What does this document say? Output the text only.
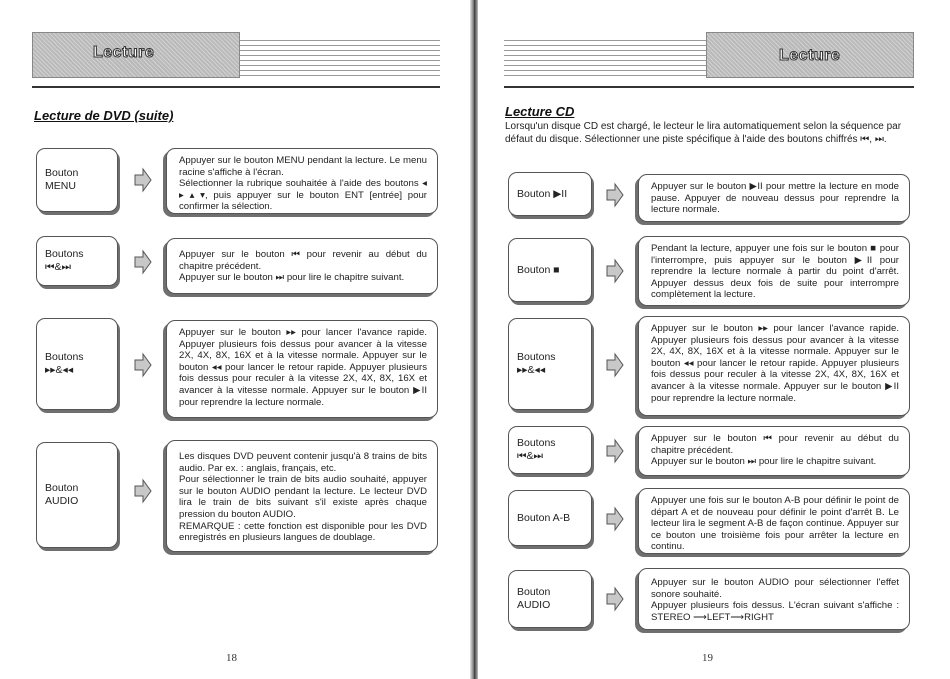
Lecture
Lecture de DVD (suite)
Bouton MENU

Appuyer sur le bouton MENU pendant la lecture. Le menu racine s'affiche à l'écran.

Sélectionner la rubrique souhaitée à l'aide des boutons ◂ ▸ ▴ ▾, puis appuyer sur le bouton ENT [entrée] pour confirmer la sélection.

Boutons ⏮&⏭

Appuyer sur le bouton ⏮ pour revenir au début du chapitre précédent.

Appuyer sur le bouton ⏭ pour lire le chapitre suivant.

Boutons ▸▸&◂◂

Appuyer sur le bouton ▸▸ pour lancer l'avance rapide. Appuyer plusieurs fois dessus pour avancer à la vitesse 2X, 4X, 8X, 16X et à la vitesse normale. Appuyer sur le bouton ◂◂ pour lancer le retour rapide. Appuyer plusieurs fois dessus pour reculer à la vitesse 2X, 4X, 8X, 16X et avancer à la vitesse normale. Appuyer sur le bouton ▶II pour reprendre la lecture normale.

Bouton AUDIO

Les disques DVD peuvent contenir jusqu'à 8 trains de bits audio. Par ex. : anglais, français, etc.

Pour sélectionner le train de bits audio souhaité, appuyer sur le bouton AUDIO pendant la lecture. Le lecteur DVD lira le train de bits suivant s'il existe après chaque pression du bouton AUDIO.

REMARQUE : cette fonction est disponible pour les DVD enregistrés en plusieurs langues de doublage.

18
Lecture
Lecture CD
Lorsqu'un disque CD est chargé, le lecteur le lira automatiquement selon la séquence par défaut du disque. Sélectionner une piste spécifique à l'aide des boutons chiffrés ⏮, ⏭.
Bouton ▶II

Appuyer sur le bouton ▶II pour mettre la lecture en mode pause. Appuyer de nouveau dessus pour reprendre la lecture normale.

Bouton ■

Pendant la lecture, appuyer une fois sur le bouton ■ pour l'interrompre, puis appuyer sur le bouton ▶II pour reprendre la lecture normale à partir du point d'arrêt. Appuyer dessus deux fois de suite pour interrompre complètement la lecture.

Boutons ▸▸&◂◂

Appuyer sur le bouton ▸▸ pour lancer l'avance rapide. Appuyer plusieurs fois dessus pour avancer à la vitesse 2X, 4X, 8X, 16X et à la vitesse normale. Appuyer sur le bouton ◂◂ pour lancer le retour rapide. Appuyer plusieurs fois dessus pour reculer à la vitesse 2X, 4X, 8X, 16X et avancer à la vitesse normale. Appuyer sur le bouton ▶II pour reprendre la lecture normale.

Boutons ⏮&⏭

Appuyer sur le bouton ⏮ pour revenir au début du chapitre précédent.

Appuyer sur le bouton ⏭ pour lire le chapitre suivant.

Bouton A-B

Appuyer une fois sur le bouton A-B pour définir le point de départ A et de nouveau pour définir le point d'arrêt B. Le lecteur lira le segment A-B de façon continue. Appuyer sur ce bouton une troisième fois pour arrêter la lecture en continu.

Bouton AUDIO

Appuyer sur le bouton AUDIO pour sélectionner l'effet sonore souhaité.

Appuyer plusieurs fois dessus. L'écran suivant s'affiche : STEREO ⟶LEFT⟶RIGHT

19
